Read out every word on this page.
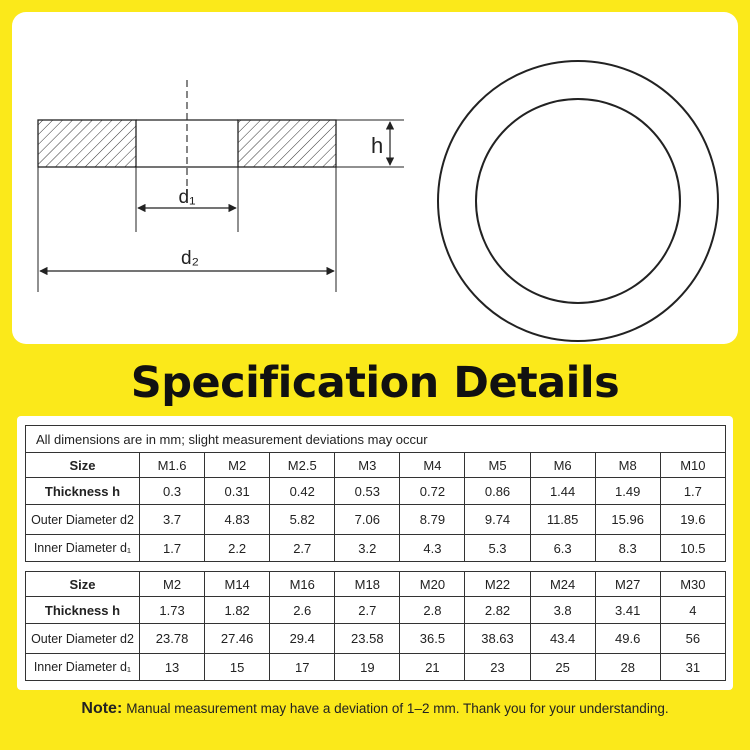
h
d₁
d₂
Specification Details
All dimensions are in mm; slight measurement deviations may occur									
Size	M1.6	M2	M2.5	M3	M4	M5	M6	M8	M10
Thickness h	0.3	0.31	0.42	0.53	0.72	0.86	1.44	1.49	1.7
Outer Diameter d2	3.7	4.83	5.82	7.06	8.79	9.74	11.85	15.96	19.6
Inner Diameter d₁	1.7	2.2	2.7	3.2	4.3	5.3	6.3	8.3	10.5

Size	M2	M14	M16	M18	M20	M22	M24	M27	M30
Thickness h	1.73	1.82	2.6	2.7	2.8	2.82	3.8	3.41	4
Outer Diameter d2	23.78	27.46	29.4	23.58	36.5	38.63	43.4	49.6	56
Inner Diameter d₁	13	15	17	19	21	23	25	28	31
Note: Manual measurement may have a deviation of 1–2 mm. Thank you for your understanding.
